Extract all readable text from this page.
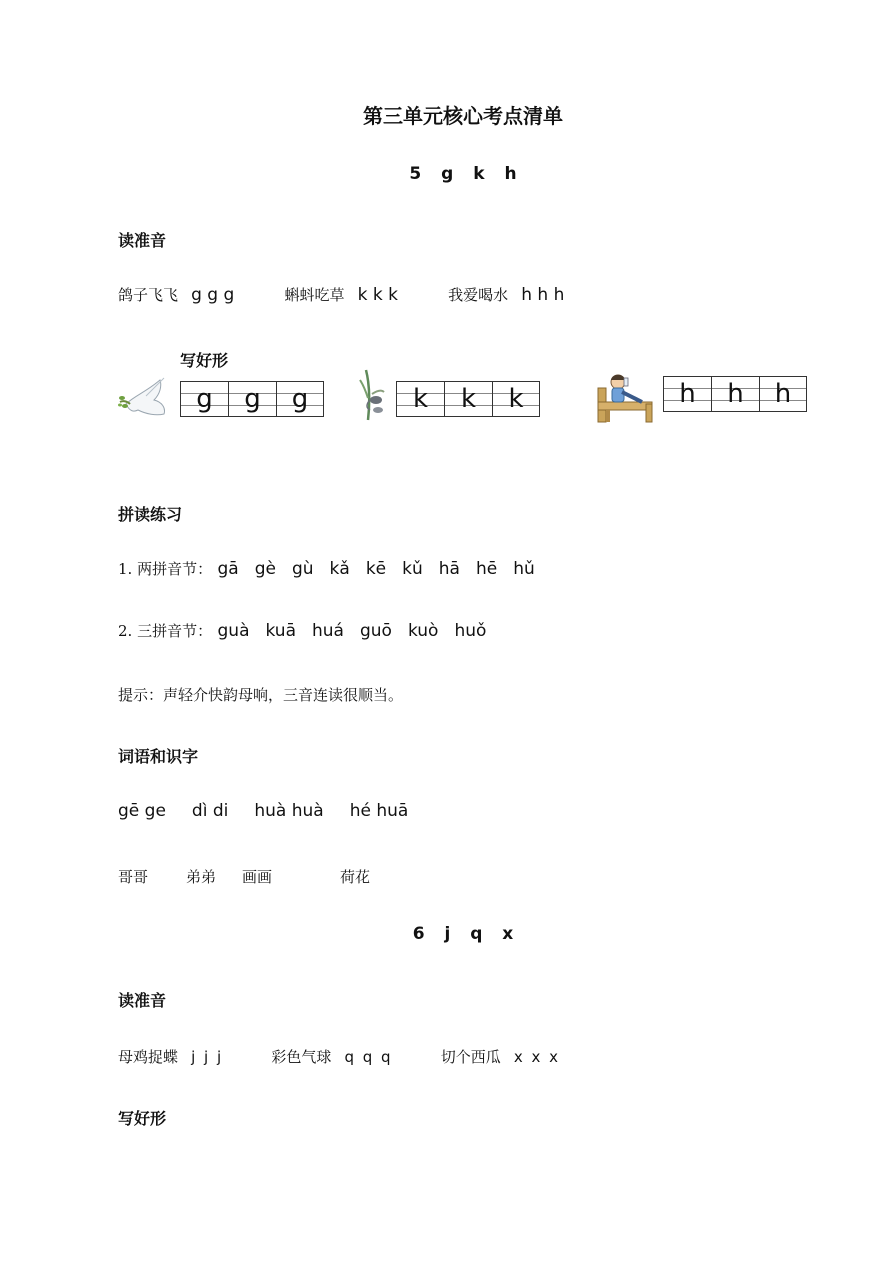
第三单元核心考点清单
5 g k h
读准音
鸽子飞飞 g g g	蝌蚪吃草 k k k	我爱喝水 h h h
写好形
g	g	g	k	k	k	h	h	h
拼读练习
1. 两拼音节： gā gè gù kǎ kē kǔ hā hē hǔ
2. 三拼音节： guà kuā huá guō kuò huǒ
提示：声轻介快韵母响，三音连读很顺当。
词语和识字
gē ge dì di huà huà hé huā
哥哥	弟弟 画画	荷花
6 j q x
读准音
母鸡捉蝶 j j j	彩色气球 q q q	切个西瓜 x x x
写好形
